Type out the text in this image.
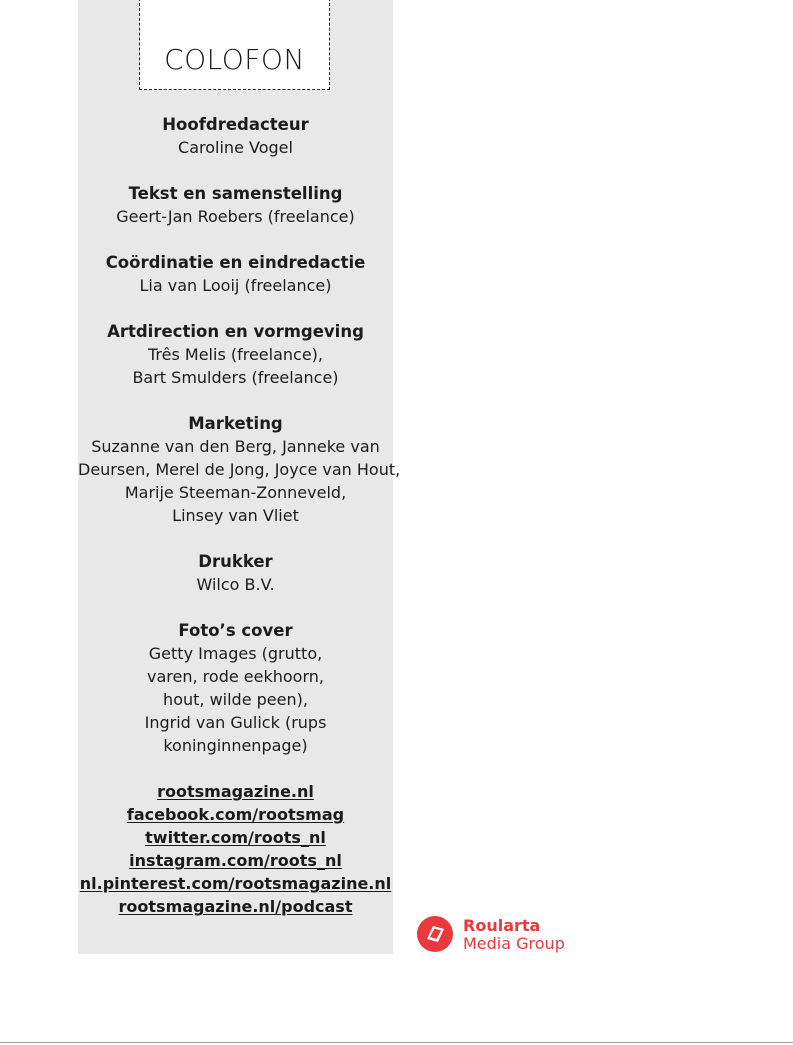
COLOFON
Hoofdredacteur
Caroline Vogel
Tekst en samenstelling
Geert-Jan Roebers (freelance)
Coördinatie en eindredactie
Lia van Looij (freelance)
Artdirection en vormgeving
Três Melis (freelance),
Bart Smulders (freelance)
Marketing
Suzanne van den Berg, Janneke van
Deursen, Merel de Jong, Joyce van Hout,
Marije Steeman-Zonneveld,
Linsey van Vliet
Drukker
Wilco B.V.
Foto’s cover
Getty Images (grutto,
varen, rode eekhoorn,
hout, wilde peen),
Ingrid van Gulick (rups
koninginnenpage)
rootsmagazine.nl
facebook.com/rootsmag
twitter.com/roots_nl
instagram.com/roots_nl
nl.pinterest.com/rootsmagazine.nl
rootsmagazine.nl/podcast
Roularta
Media Group
